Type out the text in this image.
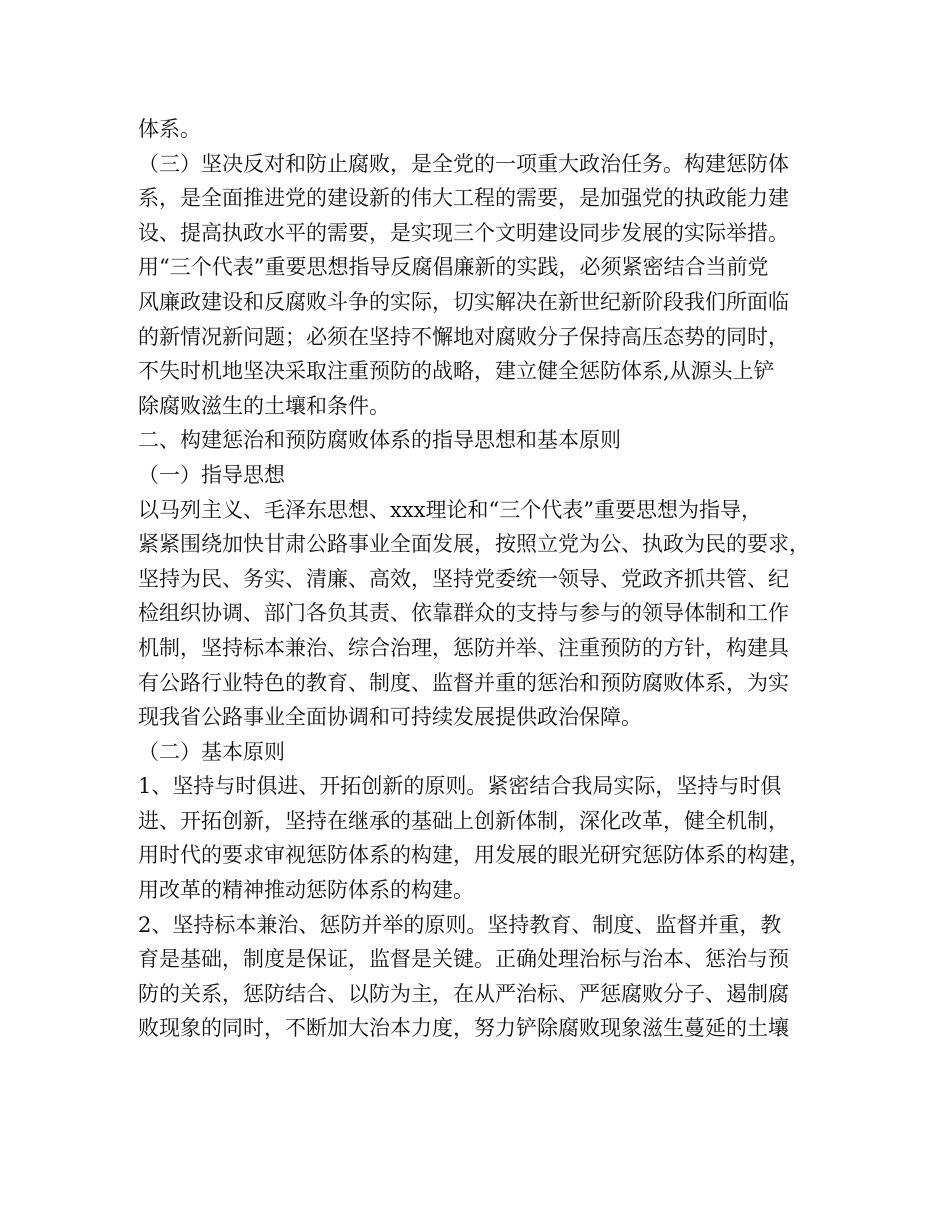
体系。
（三）坚决反对和防止腐败，是全党的一项重大政治任务。构建惩防体
系，是全面推进党的建设新的伟大工程的需要，是加强党的执政能力建
设、提高执政水平的需要，是实现三个文明建设同步发展的实际举措。
用“三个代表”重要思想指导反腐倡廉新的实践，必须紧密结合当前党
风廉政建设和反腐败斗争的实际，切实解决在新世纪新阶段我们所面临
的新情况新问题；必须在坚持不懈地对腐败分子保持高压态势的同时，
不失时机地坚决采取注重预防的战略，建立健全惩防体系,从源头上铲
除腐败滋生的土壤和条件。
二、构建惩治和预防腐败体系的指导思想和基本原则
（一）指导思想
以马列主义、毛泽东思想、xxx理论和“三个代表”重要思想为指导，
紧紧围绕加快甘肃公路事业全面发展，按照立党为公、执政为民的要求，
坚持为民、务实、清廉、高效，坚持党委统一领导、党政齐抓共管、纪
检组织协调、部门各负其责、依靠群众的支持与参与的领导体制和工作
机制，坚持标本兼治、综合治理，惩防并举、注重预防的方针，构建具
有公路行业特色的教育、制度、监督并重的惩治和预防腐败体系，为实
现我省公路事业全面协调和可持续发展提供政治保障。
（二）基本原则
1、坚持与时俱进、开拓创新的原则。紧密结合我局实际，坚持与时俱
进、开拓创新，坚持在继承的基础上创新体制，深化改革，健全机制，
用时代的要求审视惩防体系的构建，用发展的眼光研究惩防体系的构建，
用改革的精神推动惩防体系的构建。
2、坚持标本兼治、惩防并举的原则。坚持教育、制度、监督并重，教
育是基础，制度是保证，监督是关键。正确处理治标与治本、惩治与预
防的关系，惩防结合、以防为主，在从严治标、严惩腐败分子、遏制腐
败现象的同时，不断加大治本力度，努力铲除腐败现象滋生蔓延的土壤
